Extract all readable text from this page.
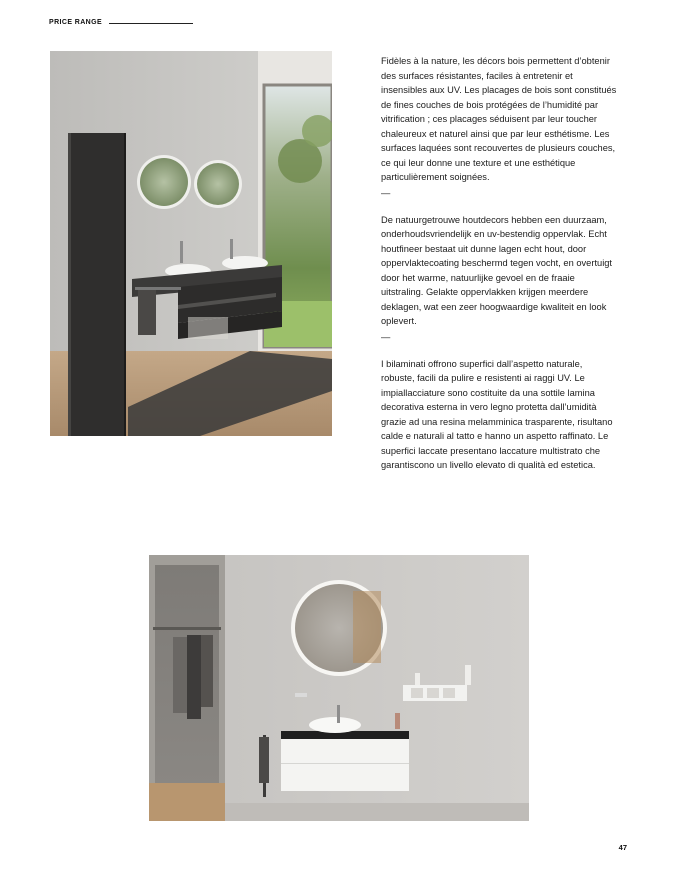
PRICE RANGE

Fidèles à la nature, les décors bois permettent d’obtenir des surfaces résistantes, faciles à entretenir et insensibles aux UV. Les placages de bois sont constitués de fines couches de bois protégées de l’humidité par vitrification ; ces placages séduisent par leur toucher chaleureux et naturel ainsi que par leur esthétisme. Les surfaces laquées sont recouvertes de plusieurs couches, ce qui leur donne une texture et une esthétique particulièrement soignées.

—

De natuurgetrouwe houtdecors hebben een duurzaam, onderhoudsvriendelijk en uv-bestendig oppervlak. Echt houtfineer bestaat uit dunne lagen echt hout, door oppervlaktecoating beschermd tegen vocht, en overtuigt door het warme, natuurlijke gevoel en de fraaie uitstraling. Gelakte oppervlakken krijgen meerdere deklagen, wat een zeer hoogwaardige kwaliteit en look oplevert.

—

I bilaminati offrono superfici dall’aspetto naturale, robuste, facili da pulire e resistenti ai raggi UV. Le impiallacciature sono costituite da una sottile lamina decorativa esterna in vero legno protetta dall’umidità grazie ad una resina melamminica trasparente, risultano calde e naturali al tatto e hanno un aspetto raffinato. Le superfici laccate presentano laccature multistrato che garantiscono un livello elevato di qualità ed estetica.

47
